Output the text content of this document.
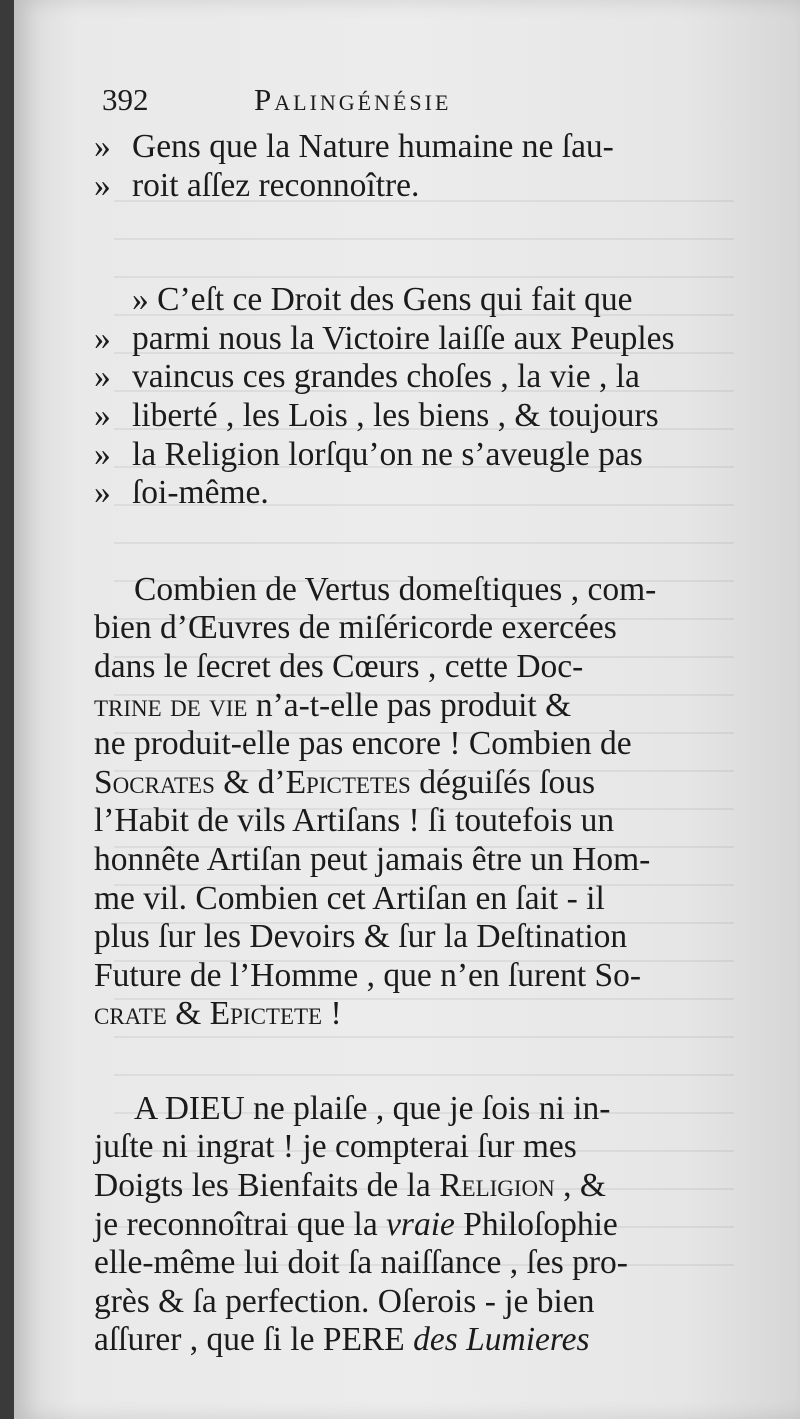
392	Palingénésie
» Gens que la Nature humaine ne ſau-

» roit aſſez reconnoître.

» C’eſt ce Droit des Gens qui fait que

» parmi nous la Victoire laiſſe aux Peuples

» vaincus ces grandes choſes , la vie , la

» liberté , les Lois , les biens , & toujours

» la Religion lorſqu’on ne s’aveugle pas

» ſoi-même.

Combien de Vertus domeſtiques , com-
bien d’Œuvres de miſéricorde exercées
dans le ſecret des Cœurs , cette Doc-
trine de vie n’a-t-elle pas produit &
ne produit-elle pas encore ! Combien de
Socrates & d’Epictetes déguiſés ſous
l’Habit de vils Artiſans ! ſi toutefois un
honnête Artiſan peut jamais être un Hom-
me vil. Combien cet Artiſan en ſait - il
plus ſur les Devoirs & ſur la Deſtination
Future de l’Homme , que n’en ſurent So-
crate & Epictete !
A DIEU ne plaiſe , que je ſois ni in-
juſte ni ingrat ! je compterai ſur mes
Doigts les Bienfaits de la Religion , &
je reconnoîtrai que la vraie Philoſophie
elle-même lui doit ſa naiſſance , ſes pro-
grès & ſa perfection. Oſerois - je bien
aſſurer , que ſi le PERE des Lumieres
